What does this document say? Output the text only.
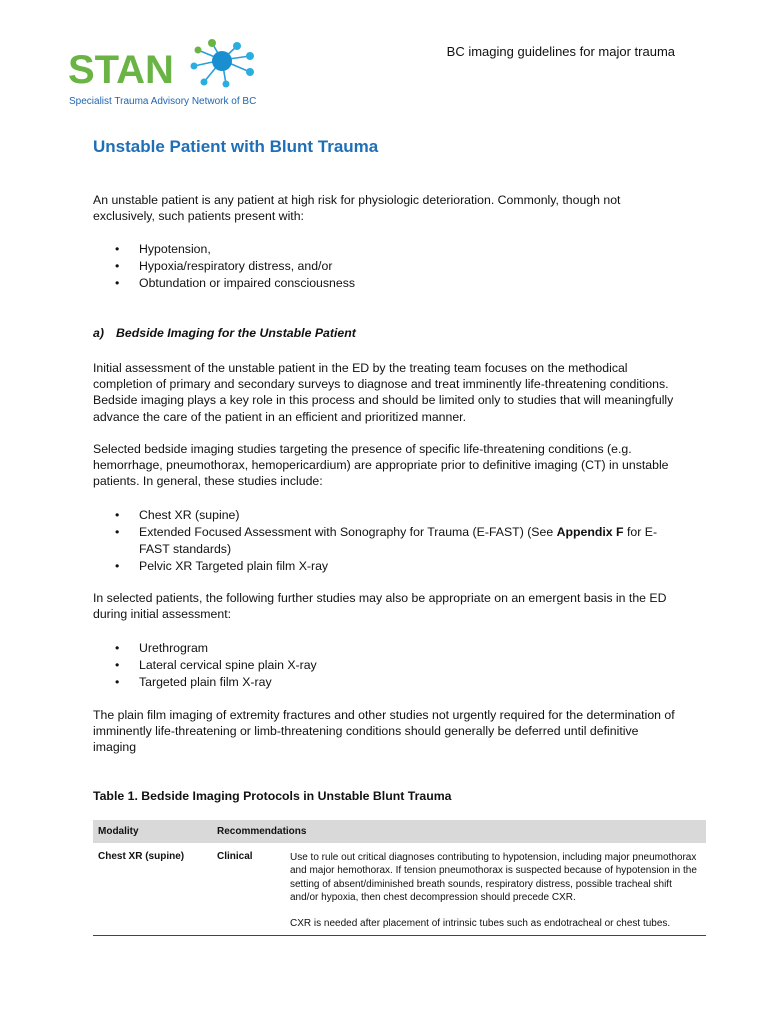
STAN
Specialist Trauma Advisory Network of BC
BC imaging guidelines for major trauma
Unstable Patient with Blunt Trauma
An unstable patient is any patient at high risk for physiologic deterioration. Commonly, though not exclusively, such patients present with:
• Hypotension,
• Hypoxia/respiratory distress, and/or
• Obtundation or impaired consciousness
a) Bedside Imaging for the Unstable Patient
Initial assessment of the unstable patient in the ED by the treating team focuses on the methodical completion of primary and secondary surveys to diagnose and treat imminently life-threatening conditions. Bedside imaging plays a key role in this process and should be limited only to studies that will meaningfully advance the care of the patient in an efficient and prioritized manner.
Selected bedside imaging studies targeting the presence of specific life-threatening conditions (e.g. hemorrhage, pneumothorax, hemopericardium) are appropriate prior to definitive imaging (CT) in unstable patients. In general, these studies include:
• Chest XR (supine)
• Extended Focused Assessment with Sonography for Trauma (E-FAST) (See Appendix F for E-FAST standards)
• Pelvic XR Targeted plain film X-ray
In selected patients, the following further studies may also be appropriate on an emergent basis in the ED during initial assessment:
• Urethrogram
• Lateral cervical spine plain X-ray
• Targeted plain film X-ray
The plain film imaging of extremity fractures and other studies not urgently required for the determination of imminently life-threatening or limb-threatening conditions should generally be deferred until definitive imaging
Table 1. Bedside Imaging Protocols in Unstable Blunt Trauma
Modality	Recommendations
Chest XR (supine)	Clinical	Use to rule out critical diagnoses contributing to hypotension, including major pneumothorax and major hemothorax. If tension pneumothorax is suspected because of hypotension in the setting of absent/diminished breath sounds, respiratory distress, possible tracheal shift and/or hypoxia, then chest decompression should precede CXR.

CXR is needed after placement of intrinsic tubes such as endotracheal or chest tubes.
